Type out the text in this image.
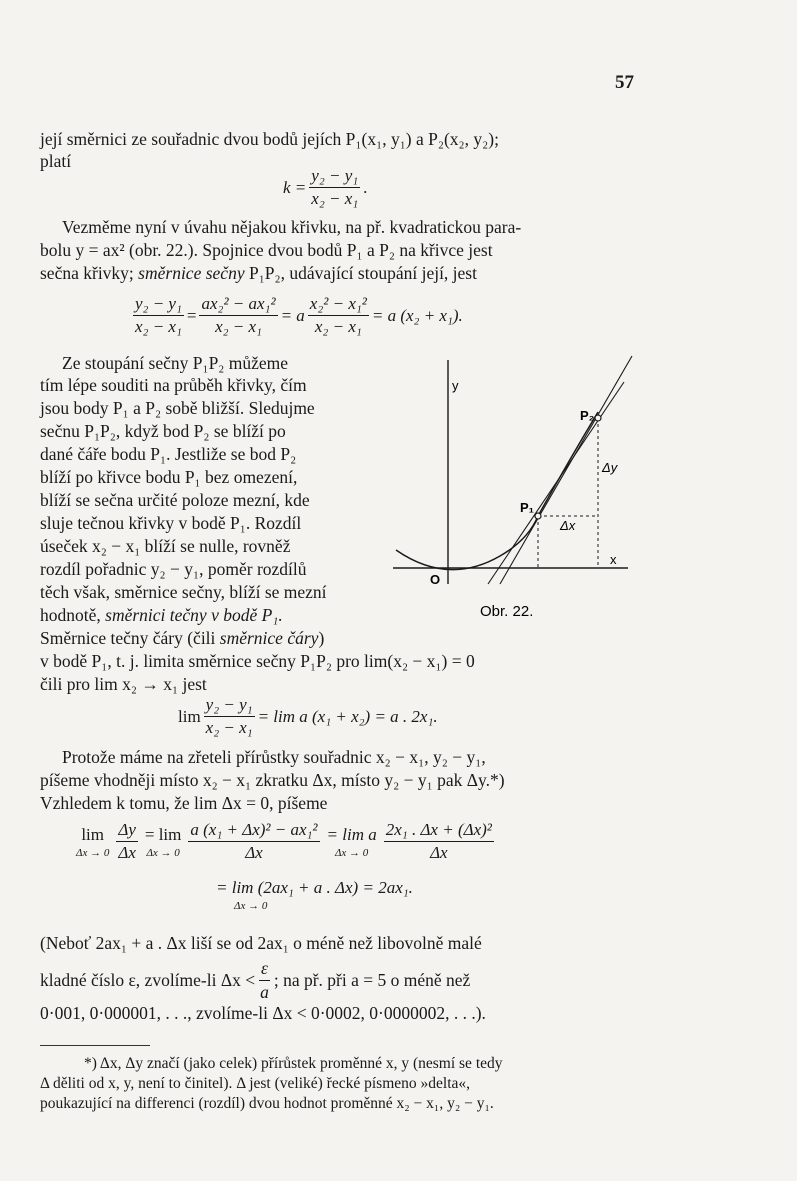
57
její směrnici ze souřadnic dvou bodů jejích P₁(x₁, y₁) a P₂(x₂, y₂);
platí
$k = \frac{\text{y₂ − y₁}}{\text{x₂ − x₁}}$ .
Vezměme nyní v úvahu nějakou křivku, na př. kvadratickou para-
bolu y = ax² (obr. 22.). Spojnice dvou bodů P₁ a P₂ na křivce jest
sečna křivky; směrnice sečny P₁P₂, udávající stoupání její, jest
$\frac{\text{y₂ − y₁}}{\text{x₂ − x₁}} = \frac{\text{ax₂² − ax₁²}}{\text{x₂ − x₁}} = a \frac{\text{x₂² − x₁²}}{\text{x₂ − x₁}} = a$ (x₂ + x₁).
Ze stoupání sečny P₁P₂ můžeme
tím lépe souditi na průběh křivky, čím
jsou body P₁ a P₂ sobě bližší. Sledujme
sečnu P₁P₂, když bod P₂ se blíží po
dané čáře bodu P₁. Jestliže se bod P₂
blíží po křivce bodu P₁ bez omezení,
blíží se sečna určité poloze mezní, kde
sluje tečnou křivky v bodě P₁. Rozdíl
úseček x₂ − x₁ blíží se nulle, rovněž
rozdíl pořadnic y₂ − y₁, poměr rozdílů
těch však, směrnice sečny, blíží se mezní
hodnotě, směrnici tečny v bodě P₁.
Směrnice tečny čáry (čili směrnice čáry)
v bodě P₁, t. j. limita směrnice sečny P₁P₂ pro lim(x₂ − x₁) = 0
čili pro lim x₂ → x₁ jest
y
x
O
P₁
P₂
Δx
Δy
Obr. 22.
$\lim \frac{\text{y₂ − y₁}}{\text{x₂ − x₁}} = \lim a$ (x₁ + x₂) = a . 2x₁.
Protože máme na zřeteli přírůstky souřadnic x₂ − x₁, y₂ − y₁,
píšeme vhodněji místo x₂ − x₁ zkratku Δx, místo y₂ − y₁ pak Δy.*)
Vzhledem k tomu, že lim Δx = 0, píšeme
lim
$\Delta x \to 0 \frac{\Delta y}{\Delta x} = \lim$
$\Delta x \to 0 \frac{\text{a (x₁ + Δx)² − ax₁²}}{\Delta x} = \lim a$
$\Delta x \to 0 \frac{\text{2x₁ . Δx + (Δx)²}}{\Delta x}$
= lim (2ax₁ + a . Δx) = 2ax₁.
Δx → 0
(Neboť 2ax₁ + a . Δx liší se od 2ax₁ o méně než libovolně malé
kladné číslo ε, zvolíme-li $\Delta x < \frac{\varepsilon}{a}$ ; na př. při a = 5 o méně než
0·001, 0·000001, . . ., zvolíme-li Δx < 0·0002, 0·0000002, . . .).
*) Δx, Δy značí (jako celek) přírůstek proměnné x, y (nesmí se tedy
Δ děliti od x, y, není to činitel). Δ jest (veliké) řecké písmeno »delta«,
poukazující na differenci (rozdíl) dvou hodnot proměnné x₂ − x₁, y₂ − y₁.
